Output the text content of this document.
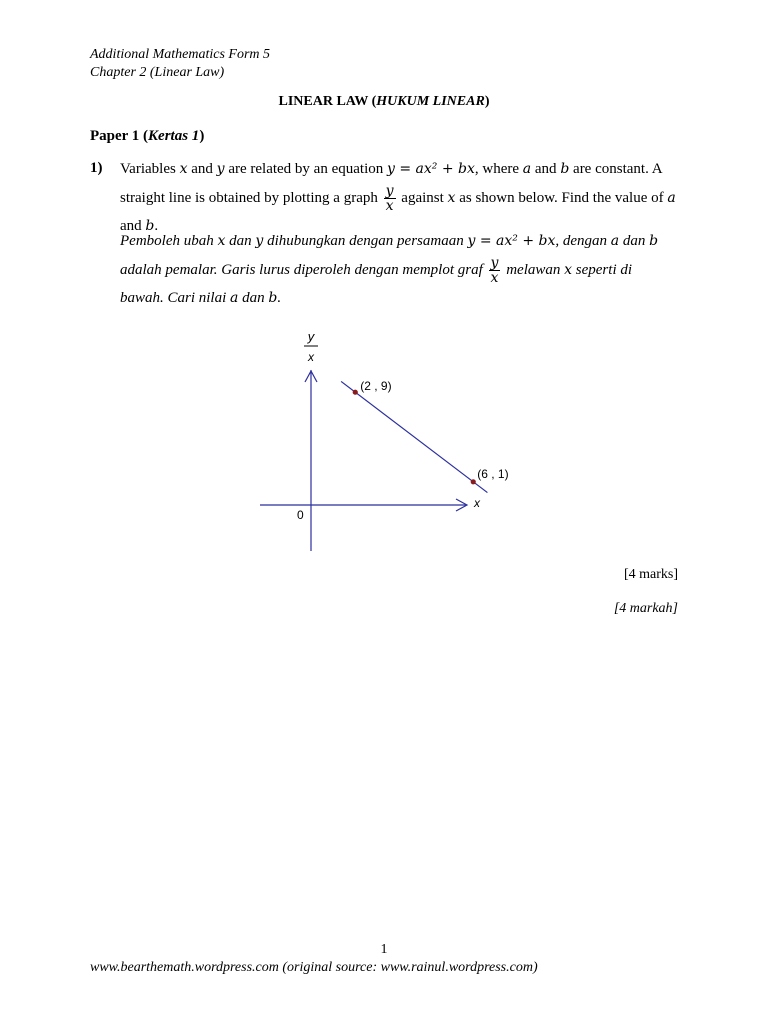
Additional Mathematics Form 5
Chapter 2 (Linear Law)
LINEAR LAW (HUKUM LINEAR)
Paper 1 (Kertas 1)
1) Variables x and y are related by an equation y = ax² + bx, where a and b are constant. A
straight line is obtained by plotting a graph $\frac{y}{x}$ against x as shown below. Find the value of a
and b.
Pemboleh ubah x dan y dihubungkan dengan persamaan y = ax² + bx, dengan a dan b
adalah pemalar. Garis lurus diperoleh dengan memplot graf $\frac{y}{x}$ melawan x seperti di
bawah. Cari nilai a dan b.
y
x
x
0
(2 , 9)
(6 , 1)
[4 marks]
[4 markah]
1
www.bearthemath.wordpress.com (original source: www.rainul.wordpress.com)
